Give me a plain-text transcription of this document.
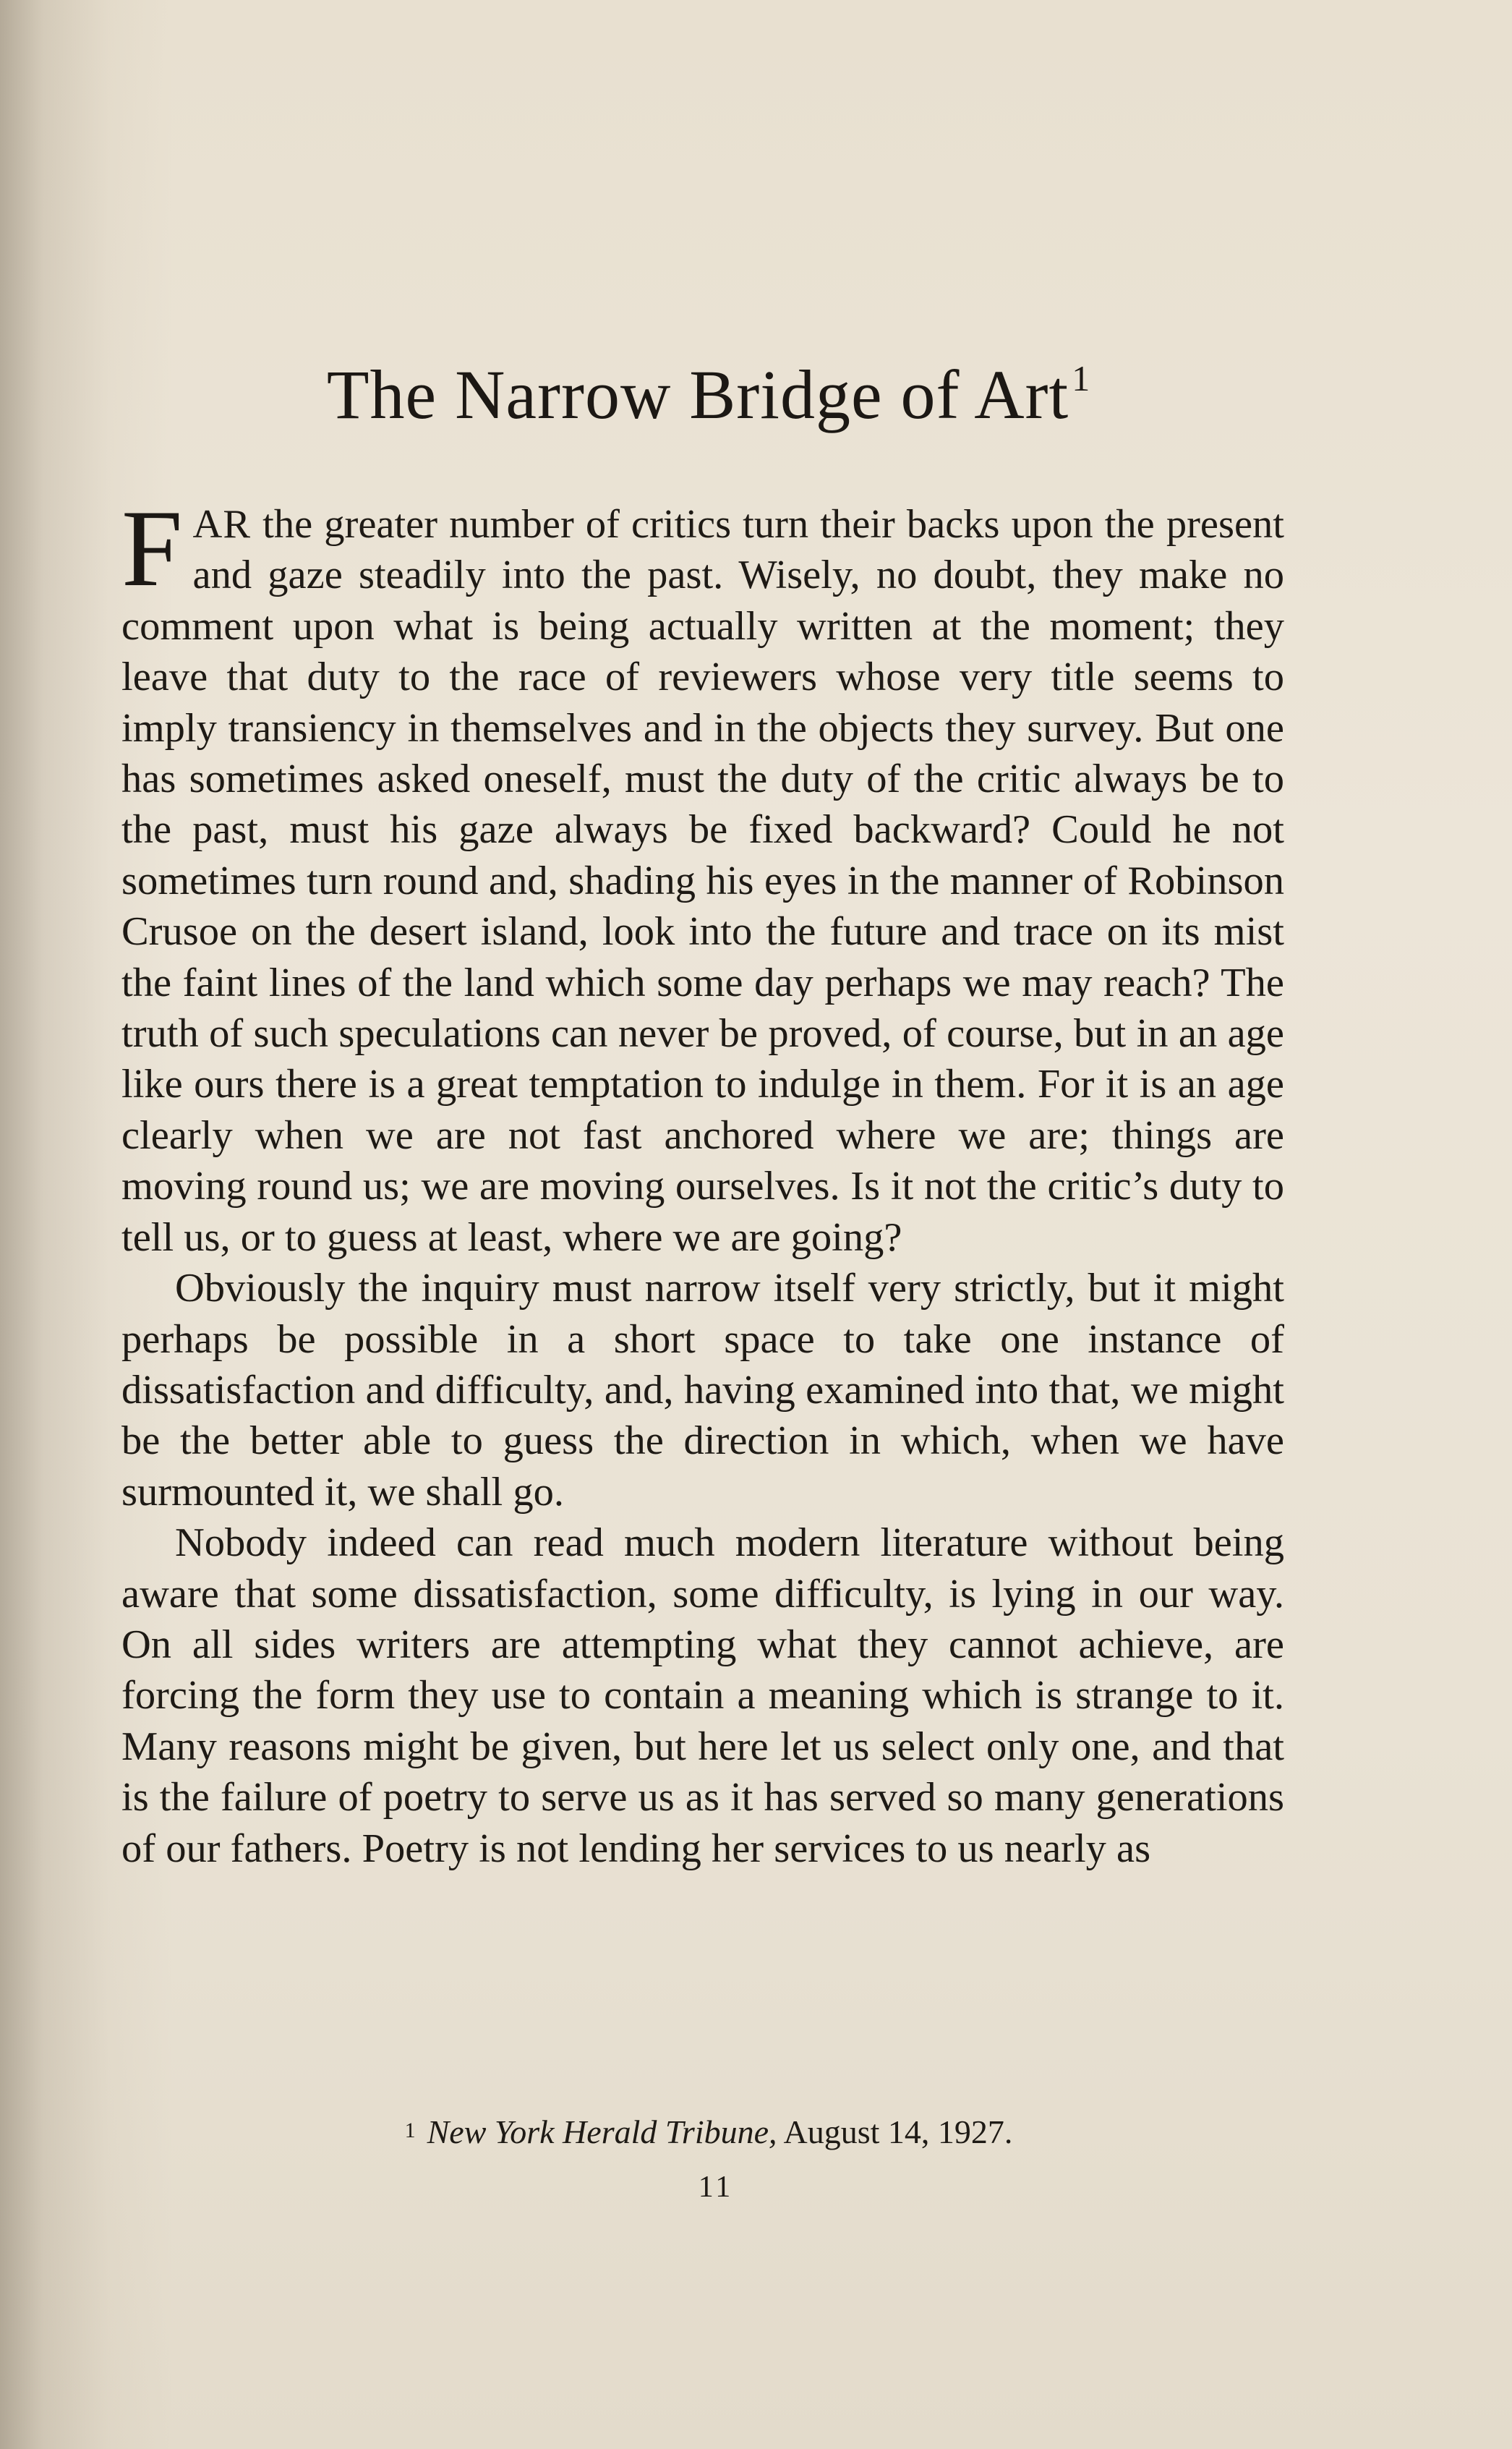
The Narrow Bridge of Art$^1$

FAR the greater number of critics turn their backs upon the present and gaze steadily into the past. Wisely, no doubt, they make no comment upon what is being actually written at the moment; they leave that duty to the race of reviewers whose very title seems to imply transiency in themselves and in the objects they survey. But one has sometimes asked oneself, must the duty of the critic always be to the past, must his gaze always be fixed backward? Could he not sometimes turn round and, shading his eyes in the manner of Robinson Crusoe on the desert island, look into the future and trace on its mist the faint lines of the land which some day perhaps we may reach? The truth of such speculations can never be proved, of course, but in an age like ours there is a great temptation to indulge in them. For it is an age clearly when we are not fast anchored where we are; things are moving round us; we are moving ourselves. Is it not the critic’s duty to tell us, or to guess at least, where we are going?

Obviously the inquiry must narrow itself very strictly, but it might perhaps be possible in a short space to take one instance of dissatisfaction and difficulty, and, having examined into that, we might be the better able to guess the direction in which, when we have surmounted it, we shall go.

Nobody indeed can read much modern literature without being aware that some dissatisfaction, some difficulty, is lying in our way. On all sides writers are attempting what they cannot achieve, are forcing the form they use to contain a meaning which is strange to it. Many reasons might be given, but here let us select only one, and that is the failure of poetry to serve us as it has served so many generations of our fathers. Poetry is not lending her services to us nearly as

1 New York Herald Tribune, August 14, 1927.
11
